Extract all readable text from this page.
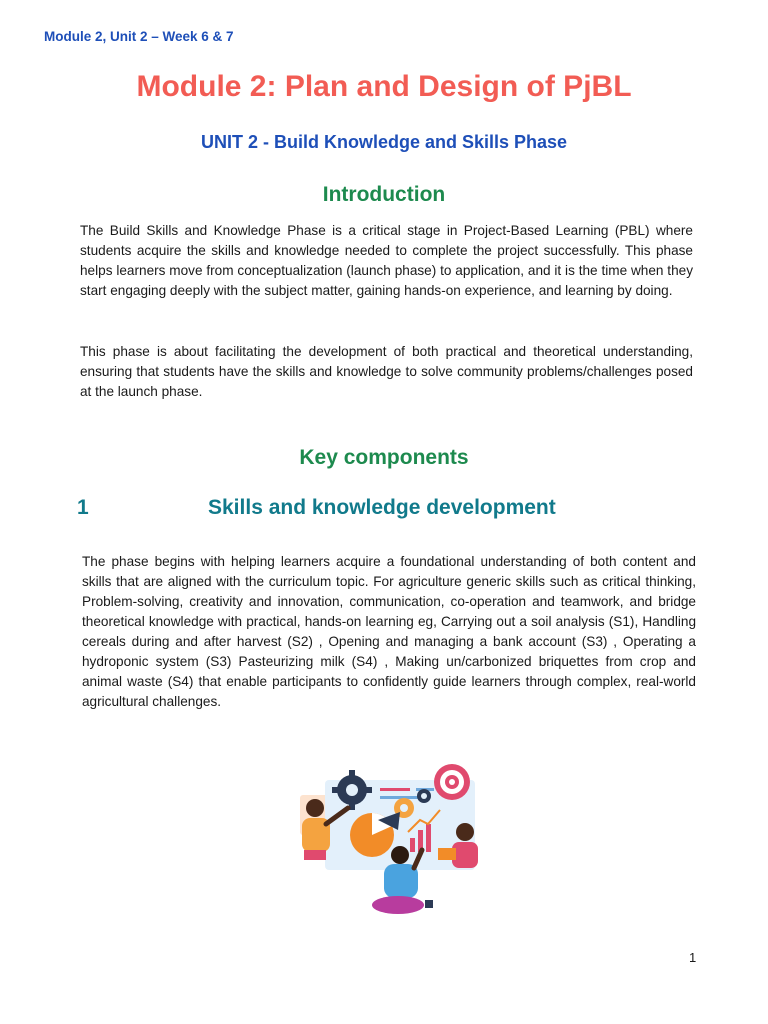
Module 2, Unit 2 – Week 6 & 7
Module 2: Plan and Design of PjBL
UNIT 2 - Build Knowledge and Skills Phase
Introduction

The Build Skills and Knowledge Phase is a critical stage in Project-Based Learning (PBL) where students acquire the skills and knowledge needed to complete the project successfully. This phase helps learners move from conceptualization (launch phase) to application, and it is the time when they start engaging deeply with the subject matter, gaining hands-on experience, and learning by doing.

This phase is about facilitating the development of both practical and theoretical understanding, ensuring that students have the skills and knowledge to solve community problems/challenges posed at the launch phase.

Key components
1	Skills and knowledge development

The phase begins with helping learners acquire a foundational understanding of both content and skills that are aligned with the curriculum topic. For agriculture generic skills such as critical thinking, Problem-solving, creativity and innovation, communication, co-operation and teamwork, and bridge theoretical knowledge with practical, hands-on learning eg, Carrying out a soil analysis (S1), Handling cereals during and after harvest (S2) , Opening and managing a bank account (S3) , Operating a hydroponic system (S3) Pasteurizing milk (S4) , Making un/carbonized briquettes from crop and animal waste (S4) that enable participants to confidently guide learners through complex, real-world agricultural challenges.

1
